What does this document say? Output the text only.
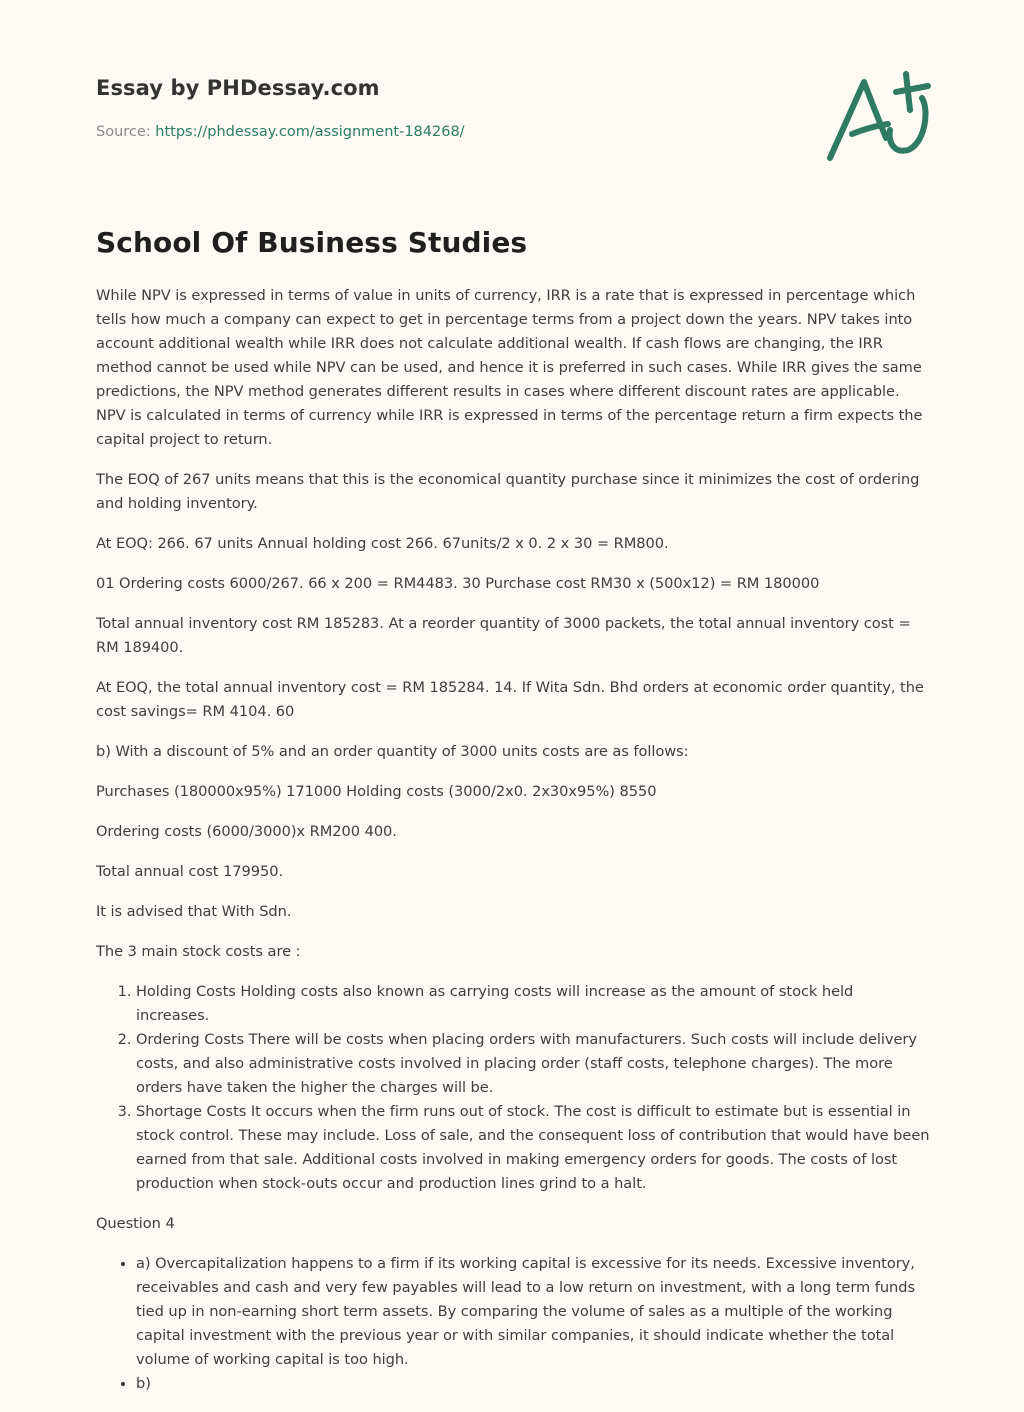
Essay by PHDessay.com

Source: https://phdessay.com/assignment-184268/

School Of Business Studies

While NPV is expressed in terms of value in units of currency, IRR is a rate that is expressed in percentage which tells how much a company can expect to get in percentage terms from a project down the years. NPV takes into account additional wealth while IRR does not calculate additional wealth. If cash flows are changing, the IRR method cannot be used while NPV can be used, and hence it is preferred in such cases. While IRR gives the same predictions, the NPV method generates different results in cases where different discount rates are applicable. NPV is calculated in terms of currency while IRR is expressed in terms of the percentage return a firm expects the capital project to return.

The EOQ of 267 units means that this is the economical quantity purchase since it minimizes the cost of ordering and holding inventory.

At EOQ: 266. 67 units Annual holding cost 266. 67units/2 x 0. 2 x 30 = RM800.

01 Ordering costs 6000/267. 66 x 200 = RM4483. 30 Purchase cost RM30 x (500x12) = RM 180000

Total annual inventory cost RM 185283. At a reorder quantity of 3000 packets, the total annual inventory cost = RM 189400.

At EOQ, the total annual inventory cost = RM 185284. 14. If Wita Sdn. Bhd orders at economic order quantity, the cost savings= RM 4104. 60

b) With a discount of 5% and an order quantity of 3000 units costs are as follows:

Purchases (180000x95%) 171000 Holding costs (3000/2x0. 2x30x95%) 8550

Ordering costs (6000/3000)x RM200 400.

Total annual cost 179950.

It is advised that With Sdn.

The 3 main stock costs are :

1. Holding Costs Holding costs also known as carrying costs will increase as the amount of stock held increases.
2. Ordering Costs There will be costs when placing orders with manufacturers. Such costs will include delivery costs, and also administrative costs involved in placing order (staff costs, telephone charges). The more orders have taken the higher the charges will be.
3. Shortage Costs It occurs when the firm runs out of stock. The cost is difficult to estimate but is essential in stock control. These may include. Loss of sale, and the consequent loss of contribution that would have been earned from that sale. Additional costs involved in making emergency orders for goods. The costs of lost production when stock-outs occur and production lines grind to a halt.

Question 4

• a) Overcapitalization happens to a firm if its working capital is excessive for its needs. Excessive inventory, receivables and cash and very few payables will lead to a low return on investment, with a long term funds tied up in non-earning short term assets. By comparing the volume of sales as a multiple of the working capital investment with the previous year or with similar companies, it should indicate whether the total volume of working capital is too high.
• b)
